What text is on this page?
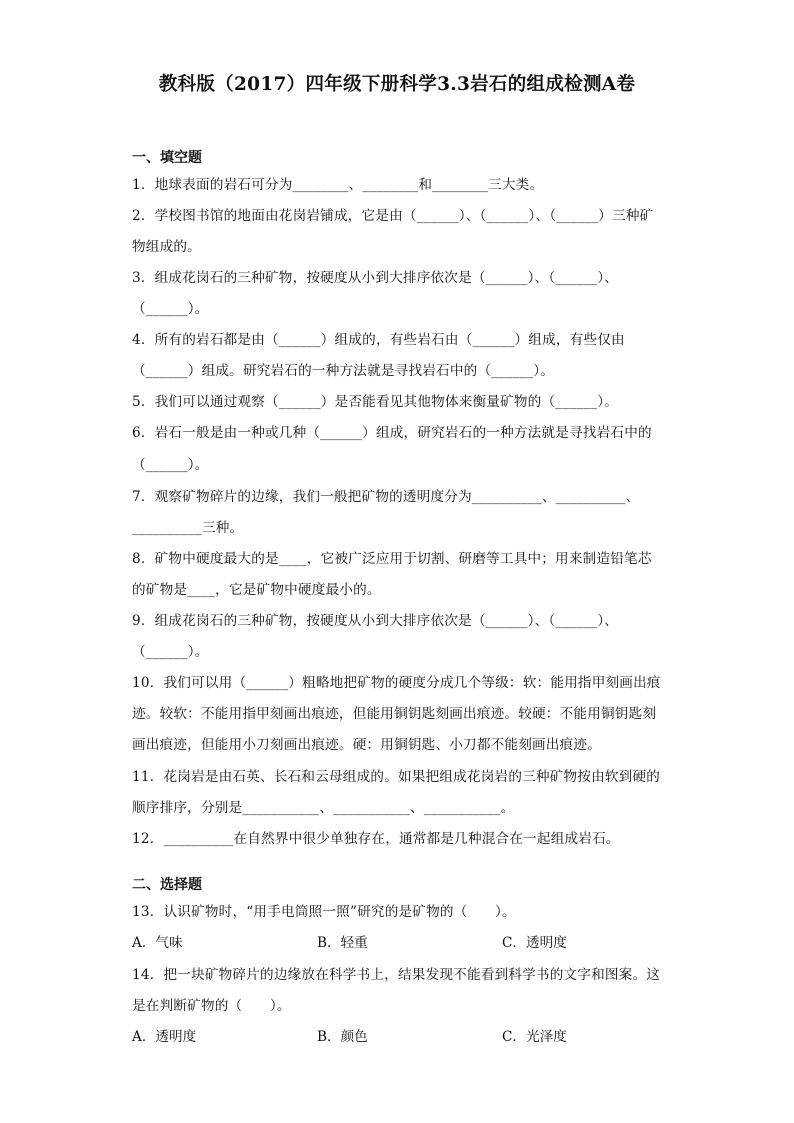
教科版（2017）四年级下册科学3.3岩石的组成检测A卷
一、填空题
1．地球表面的岩石可分为________、________和________三大类。
2．学校图书馆的地面由花岗岩铺成，它是由（______）、（______）、（______）三种矿
物组成的。
3．组成花岗石的三种矿物，按硬度从小到大排序依次是（______）、（______）、
（______）。
4．所有的岩石都是由（______）组成的，有些岩石由（______）组成，有些仅由
（______）组成。研究岩石的一种方法就是寻找岩石中的（______）。
5．我们可以通过观察（______）是否能看见其他物体来衡量矿物的（______）。
6．岩石一般是由一种或几种（______）组成，研究岩石的一种方法就是寻找岩石中的
（______）。
7．观察矿物碎片的边缘，我们一般把矿物的透明度分为__________、__________、
__________三种。
8．矿物中硬度最大的是____，它被广泛应用于切割、研磨等工具中；用来制造铅笔芯
的矿物是____，它是矿物中硬度最小的。
9．组成花岗石的三种矿物，按硬度从小到大排序依次是（______）、（______）、
（______）。
10．我们可以用（______）粗略地把矿物的硬度分成几个等级：软：能用指甲刻画出痕
迹。较软：不能用指甲刻画出痕迹，但能用铜钥匙刻画出痕迹。较硬：不能用铜钥匙刻
画出痕迹，但能用小刀刻画出痕迹。硬：用铜钥匙、小刀都不能刻画出痕迹。
11．花岗岩是由石英、长石和云母组成的。如果把组成花岗岩的三种矿物按由软到硬的
顺序排序，分别是___________、___________、___________。
12．__________在自然界中很少单独存在，通常都是几种混合在一起组成岩石。
二、选择题
13．认识矿物时，“用手电筒照一照”研究的是矿物的（　　）。
A．气味	B．轻重	C．透明度
14．把一块矿物碎片的边缘放在科学书上，结果发现不能看到科学书的文字和图案。这
是在判断矿物的（　　）。
A．透明度	B．颜色	C．光泽度
